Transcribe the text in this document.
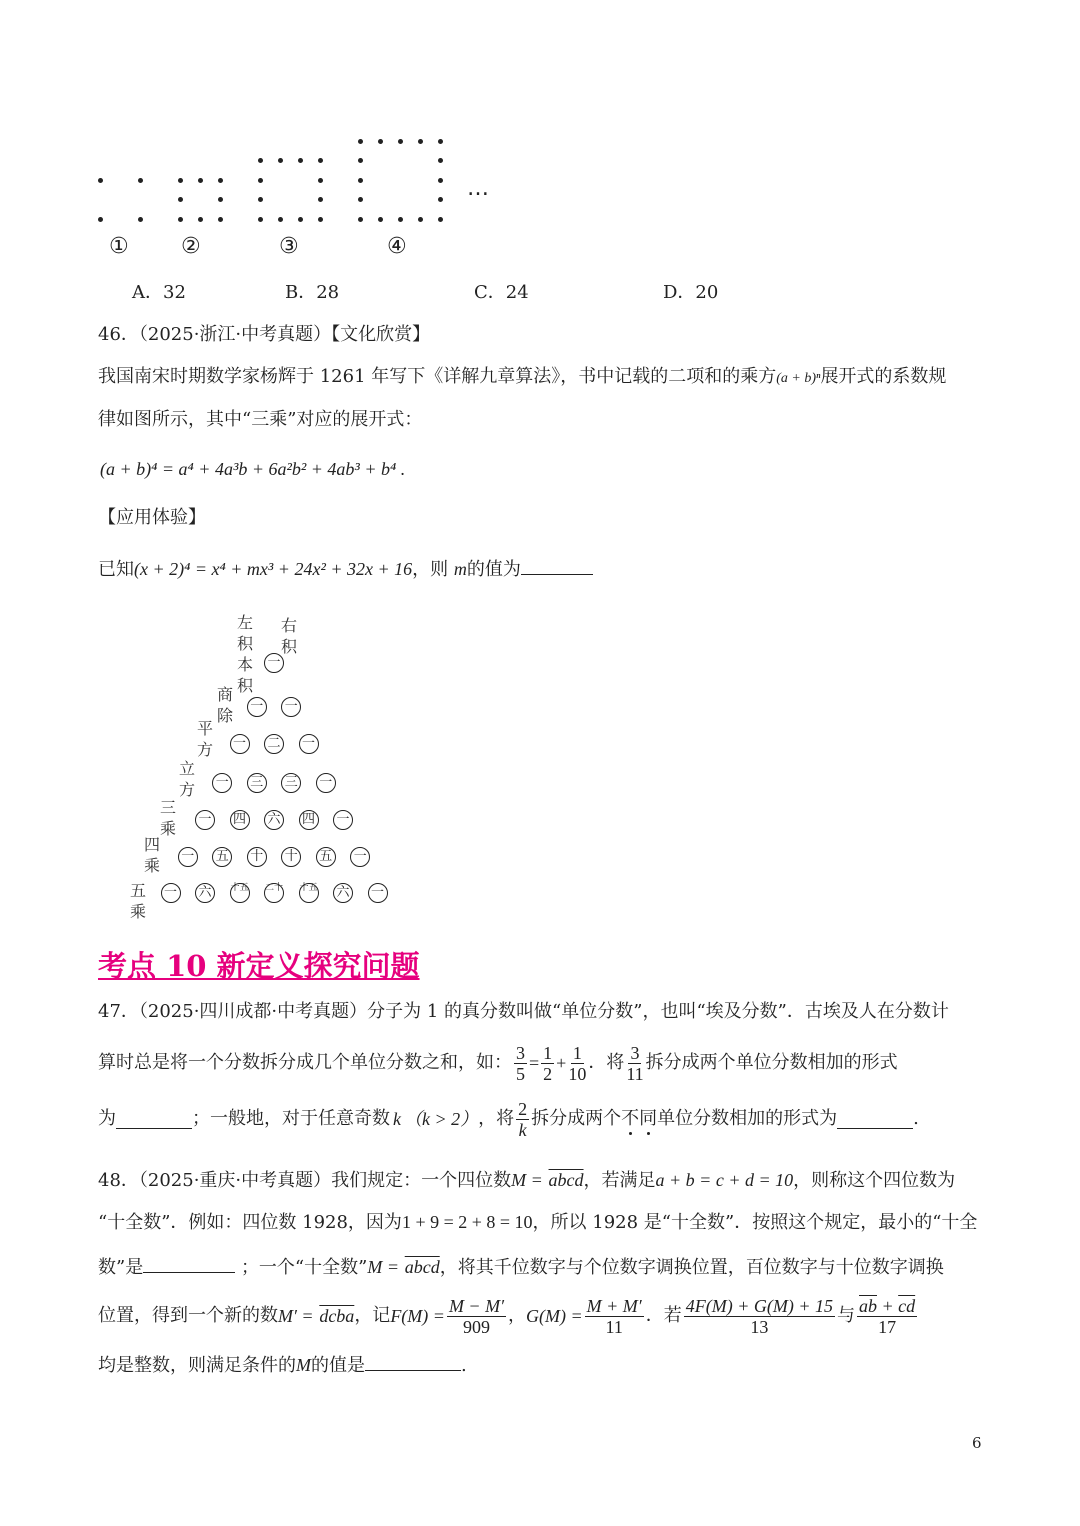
…
① ②	③	④
A．32	B．28	C．24	D．20
46．（2025·浙江·中考真题）【文化欣赏】
我国南宋时期数学家杨辉于 1261 年写下《详解九章算法》，书中记载的二项和的乘方(a + b)ⁿ展开式的系数规
律如图所示，其中“三乘”对应的展开式：
(a + b)⁴ = a⁴ + 4a³b + 6a²b² + 4ab³ + b⁴ .
【应用体验】
已知(x + 2)⁴ = x⁴ + mx³ + 24x² + 32x + 16，则 m的值为
一
一 一
一 二 一
一 三 三 一
一 四 六 四 一
一 五 十 十 五 一
一 六	十五 二十 十五 六 一
左
积
本
积
右
积
商
除
平
方
立
方
三
乘
四
乘
五
乘
考点 10 新定义探究问题
47．（2025·四川成都·中考真题）分子为 1 的真分数叫做“单位分数”，也叫“埃及分数”．古埃及人在分数计
算时总是将一个分数拆分成几个单位分数之和，如： $\frac{3}{5} = \frac{1}{2} + \frac{1}{10}$ ．将 $\frac{3}{11}$ 拆分成两个单位分数相加的形式
为	；一般地，对于任意奇数 k （k > 2） ，将 $\frac{2}{k}$ 拆分成两个 不同 单位分数相加的形式为	.
48．（2025·重庆·中考真题）我们规定：一个四位数M = abcd，若满足a + b = c + d = 10，则称这个四位数为
“十全数”．例如：四位数 1928，因为1 + 9 = 2 + 8 = 10，所以 1928 是“十全数”．按照这个规定，最小的“十全
数”是	；一个“十全数”M = abcd，将其千位数字与个位数字调换位置，百位数字与十位数字调换
位置，得到一个新的数 M′ =
dcba ，记 $F(M) = \frac{M - M'}{909}$ ， $G(M) = \frac{M + M'}{11}$ ．若 $\frac{4F(M) + G(M) + 15}{13}$ 与 $\frac{\overline{ab} + \overline{cd}}{17}$
均是整数，则满足条件的M的值是	.
6
